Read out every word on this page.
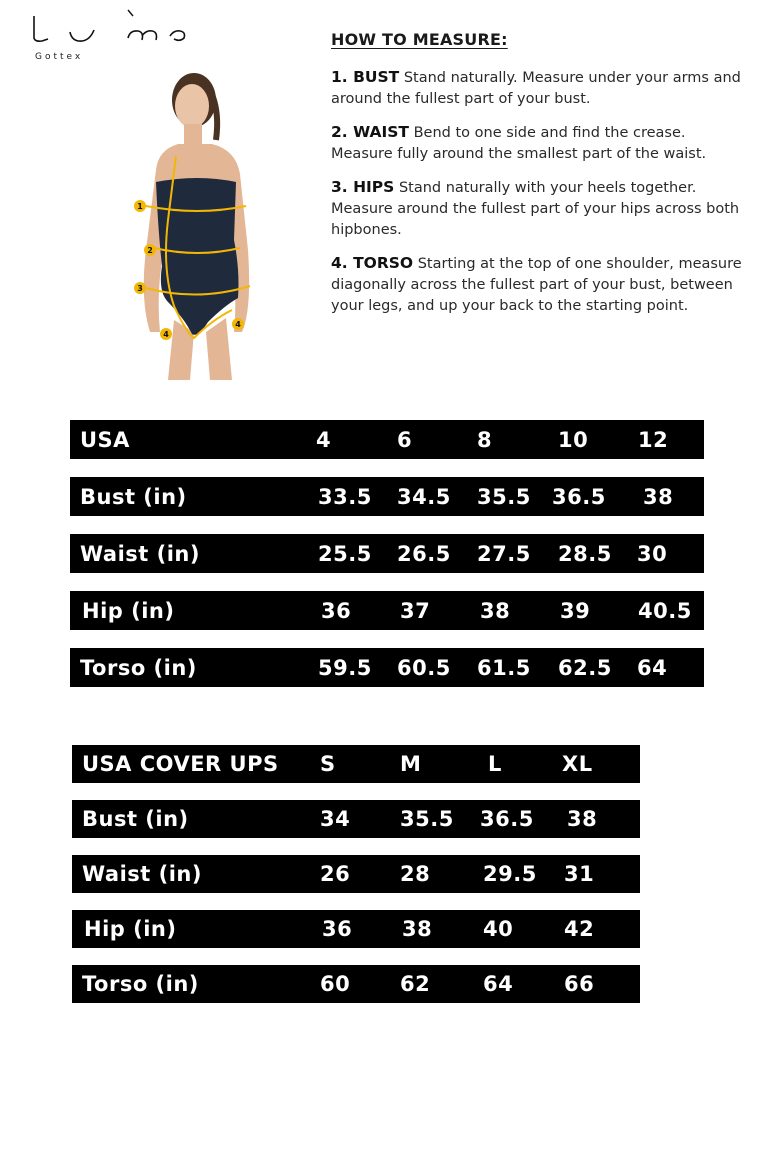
Gottex
1
2
3
4
4
HOW TO MEASURE:
1. BUST Stand naturally. Measure under your arms and around the fullest part of your bust.
2. WAIST Bend to one side and find the crease. Measure fully around the smallest part of the waist.
3. HIPS Stand naturally with your heels together. Measure around the fullest part of your hips across both hipbones.
4. TORSO Starting at the top of one shoulder, measure diagonally across the fullest part of your bust, between your legs, and up your back to the starting point.
USA	4	6	8	10 12
Bust (in)	33.5 34.5 35.5 36.5 38
Waist (in)	25.5 26.5 27.5 28.5 30
Hip (in)	36 37 38 39 40.5
Torso (in)	59.5 60.5 61.5 62.5 64
USA COVER UPS S	M	L	XL
Bust (in)	34 35.5 36.5 38
Waist (in)	26 28	29.5 31
Hip (in)	36 38 40 42
Torso (in)	60 62	64 66
